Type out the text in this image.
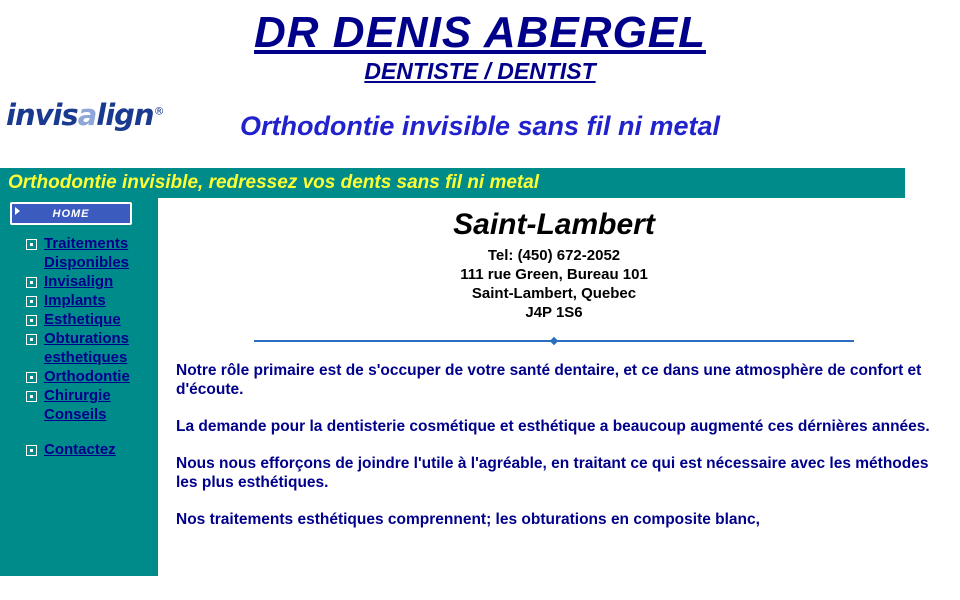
DR DENIS ABERGEL
DENTISTE / DENTIST
invisalign®

Orthodontie invisible sans fil ni metal

Orthodontie invisible, redressez vos dents sans fil ni metal
HOME
Traitements Disponibles
Invisalign
Implants
Esthetique
Obturations esthetiques
Orthodontie
Chirurgie Conseils
Contactez
Saint-Lambert
Tel: (450) 672-2052
111 rue Green, Bureau 101
Saint-Lambert, Quebec
J4P 1S6

Notre rôle primaire est de s'occuper de votre santé dentaire, et ce dans une atmosphère de confort et d'écoute.

La demande pour la dentisterie cosmétique et esthétique a beaucoup augmenté ces dérnières années.

Nous nous efforçons de joindre l'utile à l'agréable, en traitant ce qui est nécessaire avec les méthodes les plus esthétiques.

Nos traitements esthétiques comprennent; les obturations en composite blanc,
